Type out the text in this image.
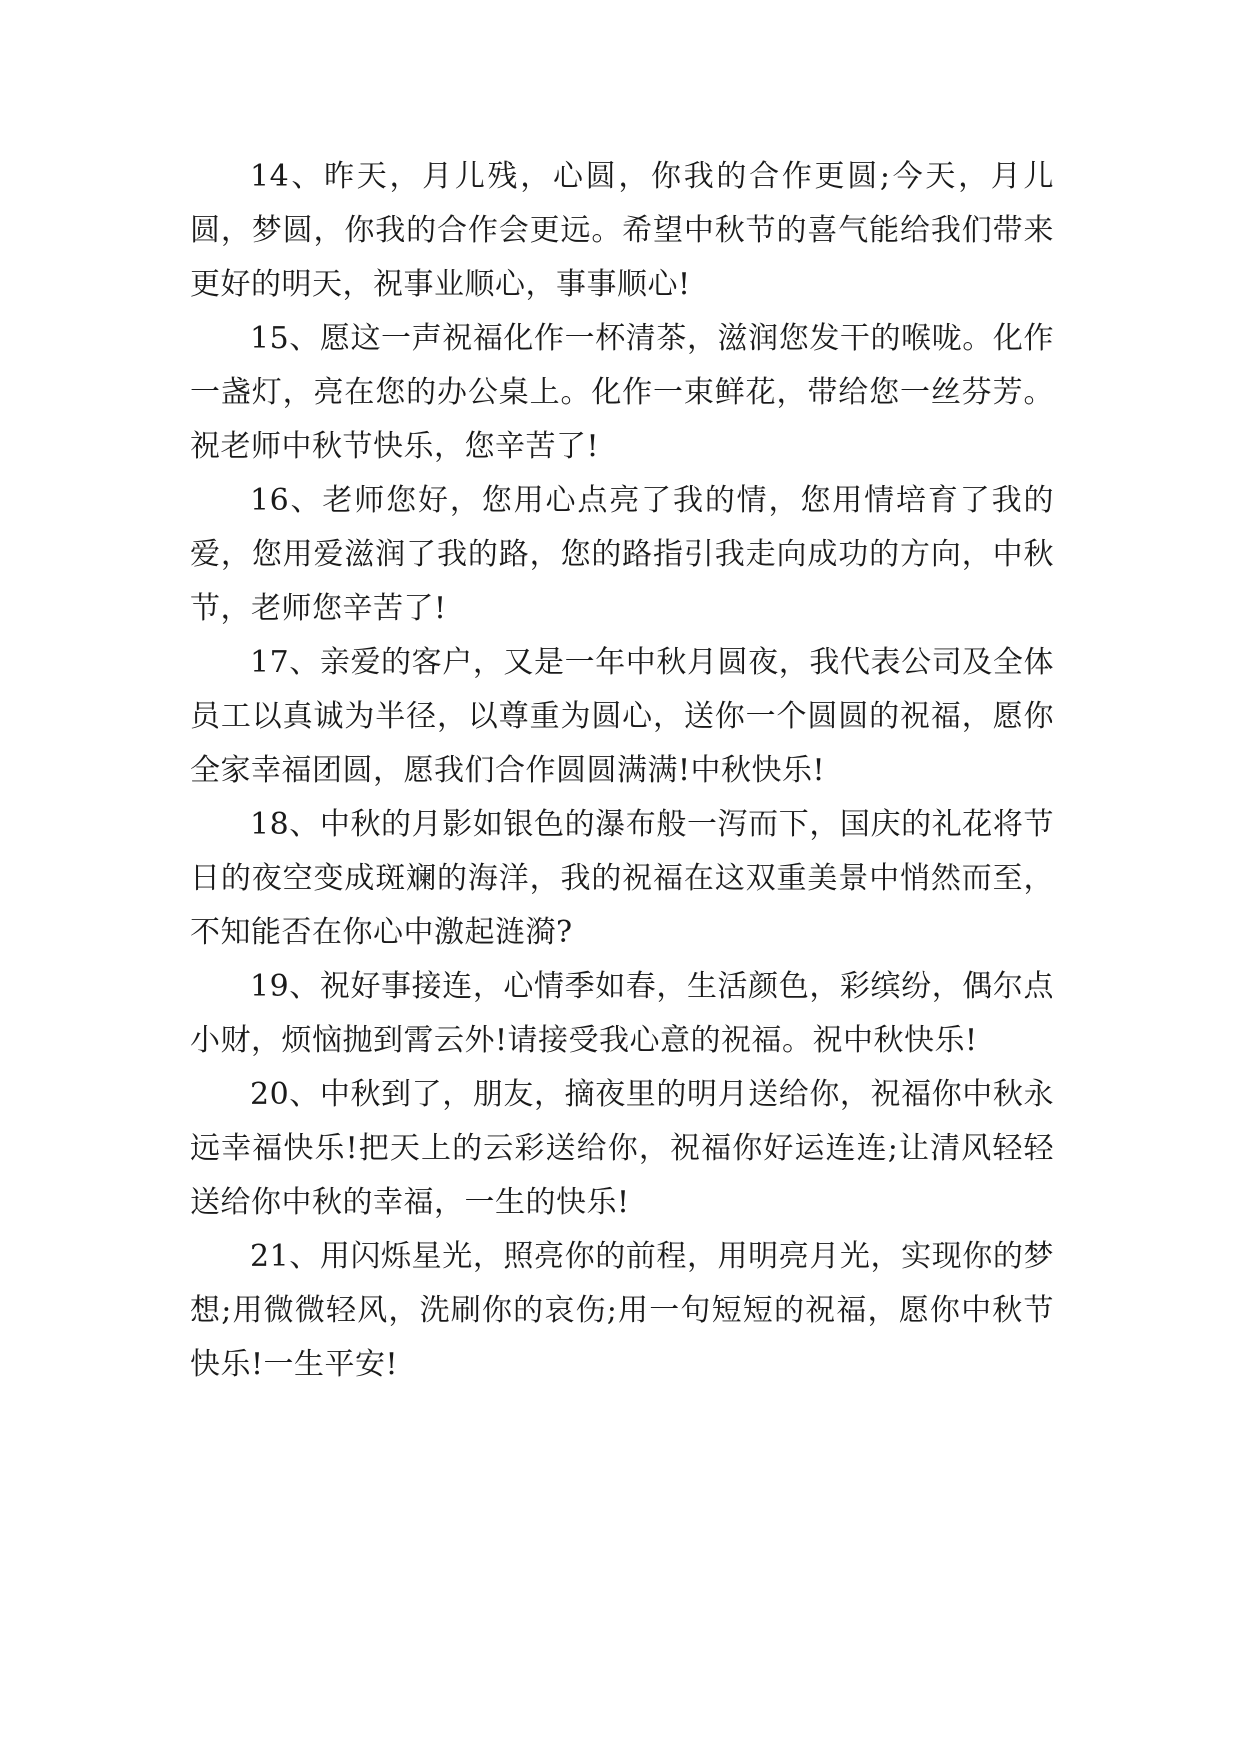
14、昨天，月儿残，心圆，你我的合作更圆;今天，月儿圆，梦圆，你我的合作会更远。希望中秋节的喜气能给我们带来更好的明天，祝事业顺心，事事顺心!

15、愿这一声祝福化作一杯清茶，滋润您发干的喉咙。化作一盏灯，亮在您的办公桌上。化作一束鲜花，带给您一丝芬芳。祝老师中秋节快乐，您辛苦了!

16、老师您好，您用心点亮了我的情，您用情培育了我的爱，您用爱滋润了我的路，您的路指引我走向成功的方向，中秋节，老师您辛苦了!

17、亲爱的客户，又是一年中秋月圆夜，我代表公司及全体员工以真诚为半径，以尊重为圆心，送你一个圆圆的祝福，愿你全家幸福团圆，愿我们合作圆圆满满!中秋快乐!

18、中秋的月影如银色的瀑布般一泻而下，国庆的礼花将节日的夜空变成斑斓的海洋，我的祝福在这双重美景中悄然而至，不知能否在你心中激起涟漪?

19、祝好事接连，心情季如春，生活颜色，彩缤纷，偶尔点小财，烦恼抛到霄云外!请接受我心意的祝福。祝中秋快乐!

20、中秋到了，朋友，摘夜里的明月送给你，祝福你中秋永远幸福快乐!把天上的云彩送给你，祝福你好运连连;让清风轻轻送给你中秋的幸福，一生的快乐!

21、用闪烁星光，照亮你的前程，用明亮月光，实现你的梦想;用微微轻风，洗刷你的哀伤;用一句短短的祝福，愿你中秋节快乐!一生平安!
